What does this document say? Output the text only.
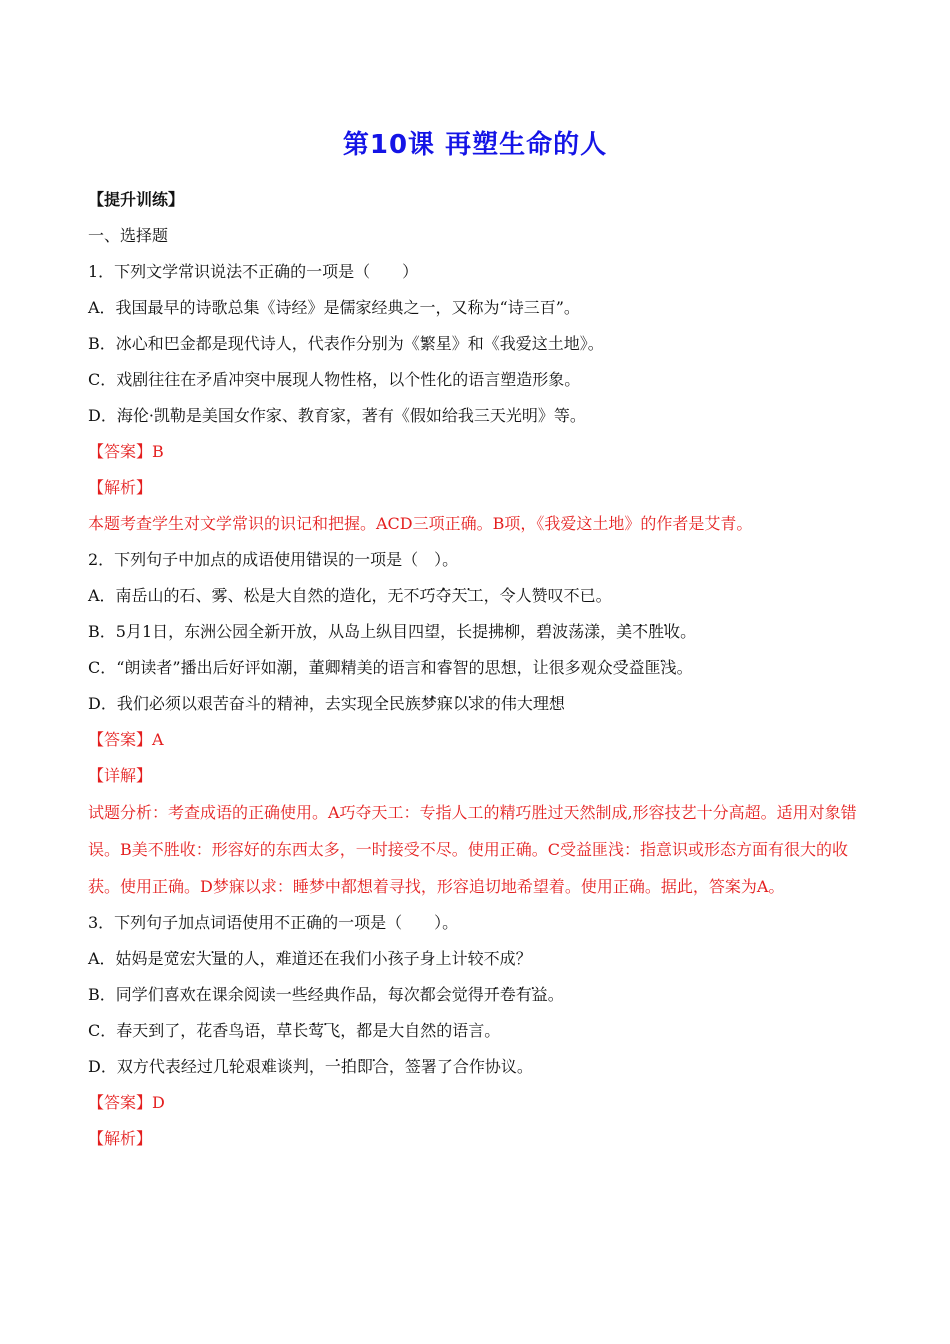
第10课 再塑生命的人
【提升训练】
一、选择题
1．下列文学常识说法不正确的一项是（　　）
A．我国最早的诗歌总集《诗经》是儒家经典之一，又称为“诗三百”。
B．冰心和巴金都是现代诗人，代表作分别为《繁星》和《我爱这土地》。
C．戏剧往往在矛盾冲突中展现人物性格，以个性化的语言塑造形象。
D．海伦·凯勒是美国女作家、教育家，著有《假如给我三天光明》等。
【答案】B
【解析】
本题考查学生对文学常识的识记和把握。ACD三项正确。B项，《我爱这土地》的作者是艾青。
2．下列句子中加点的成语使用错误的一项是（　）。
A．南岳山的石、雾、松是大自然的造化，无不巧夺天工 • • • •，令人赞叹不已。
B．5月1日，东洲公园全新开放，从岛上纵目四望，长提拂柳，碧波荡漾，美不胜收 • • • •。
C．“朗读者”播出后好评如潮，董卿精美的语言和睿智的思想，让很多观众受益匪浅 • • • •。
D．我们必须以艰苦奋斗的精神，去实现全民族梦寐以求 • • • •的伟大理想
【答案】A
【详解】
试题分析：考查成语的正确使用。A巧夺天工：专指人工的精巧胜过天然制成,形容技艺十分高超。适用对象错误。B美不胜收：形容好的东西太多，一时接受不尽。使用正确。C受益匪浅：指意识或形态方面有很大的收获。使用正确。D梦寐以求：睡梦中都想着寻找，形容追切地希望着。使用正确。据此，答案为A。
3．下列句子加点词语使用不正确的一项是（　　）。
A．姑妈是宽宏大量 • • • •的人，难道还在我们小孩子身上计较不成？
B．同学们喜欢在课余阅读一些经典作品，每次都会觉得开卷有益 • • • •。
C．春天到了，花香鸟语，草长莺飞 • • • •，都是大自然的语言。
D．双方代表经过几轮艰难谈判，一拍即合 • • • •，签署了合作协议。
【答案】D
【解析】
